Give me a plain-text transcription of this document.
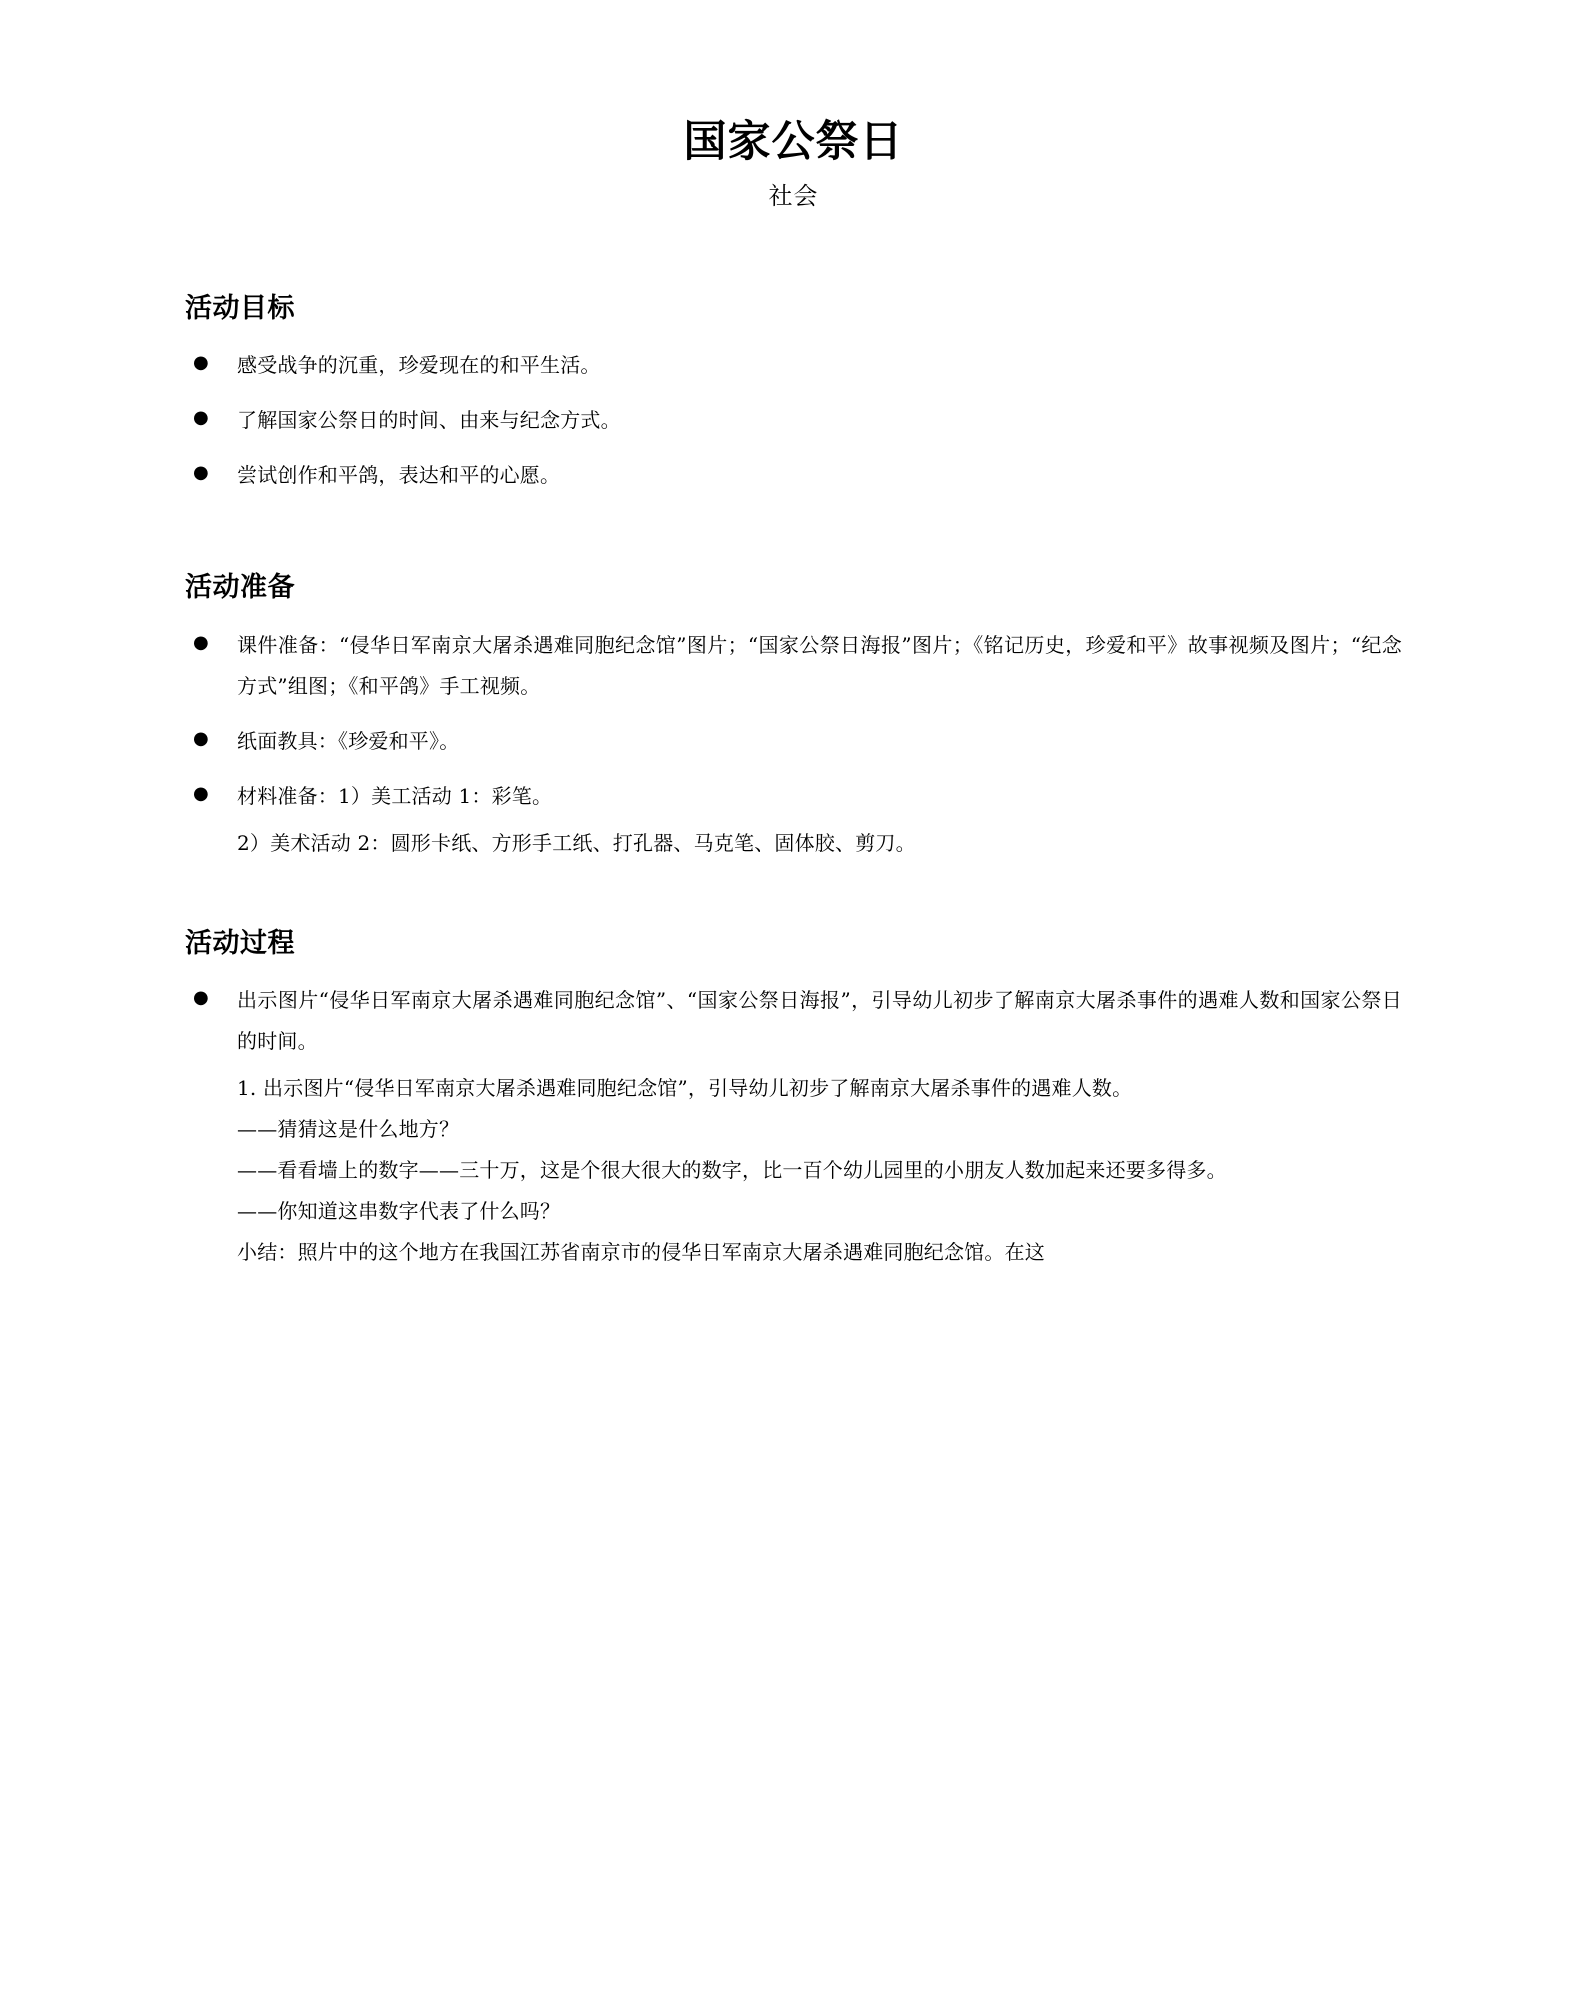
国家公祭日
社会
活动目标
● 感受战争的沉重，珍爱现在的和平生活。
● 了解国家公祭日的时间、由来与纪念方式。
● 尝试创作和平鸽，表达和平的心愿。
活动准备
● 课件准备：“侵华日军南京大屠杀遇难同胞纪念馆”图片；“国家公祭日海报”图片；《铭记历史，珍爱和平》故事视频及图片；“纪念方式”组图；《和平鸽》手工视频。
● 纸面教具：《珍爱和平》。
● 材料准备：1）美工活动 1：彩笔。
2）美术活动 2：圆形卡纸、方形手工纸、打孔器、马克笔、固体胶、剪刀。
活动过程
● 出示图片“侵华日军南京大屠杀遇难同胞纪念馆”、“国家公祭日海报”，引导幼儿初步了解南京大屠杀事件的遇难人数和国家公祭日的时间。

1. 出示图片“侵华日军南京大屠杀遇难同胞纪念馆”，引导幼儿初步了解南京大屠杀事件的遇难人数。

——猜猜这是什么地方？

——看看墙上的数字——三十万，这是个很大很大的数字，比一百个幼儿园里的小朋友人数加起来还要多得多。

——你知道这串数字代表了什么吗？

小结：照片中的这个地方在我国江苏省南京市的侵华日军南京大屠杀遇难同胞纪念馆。在这
